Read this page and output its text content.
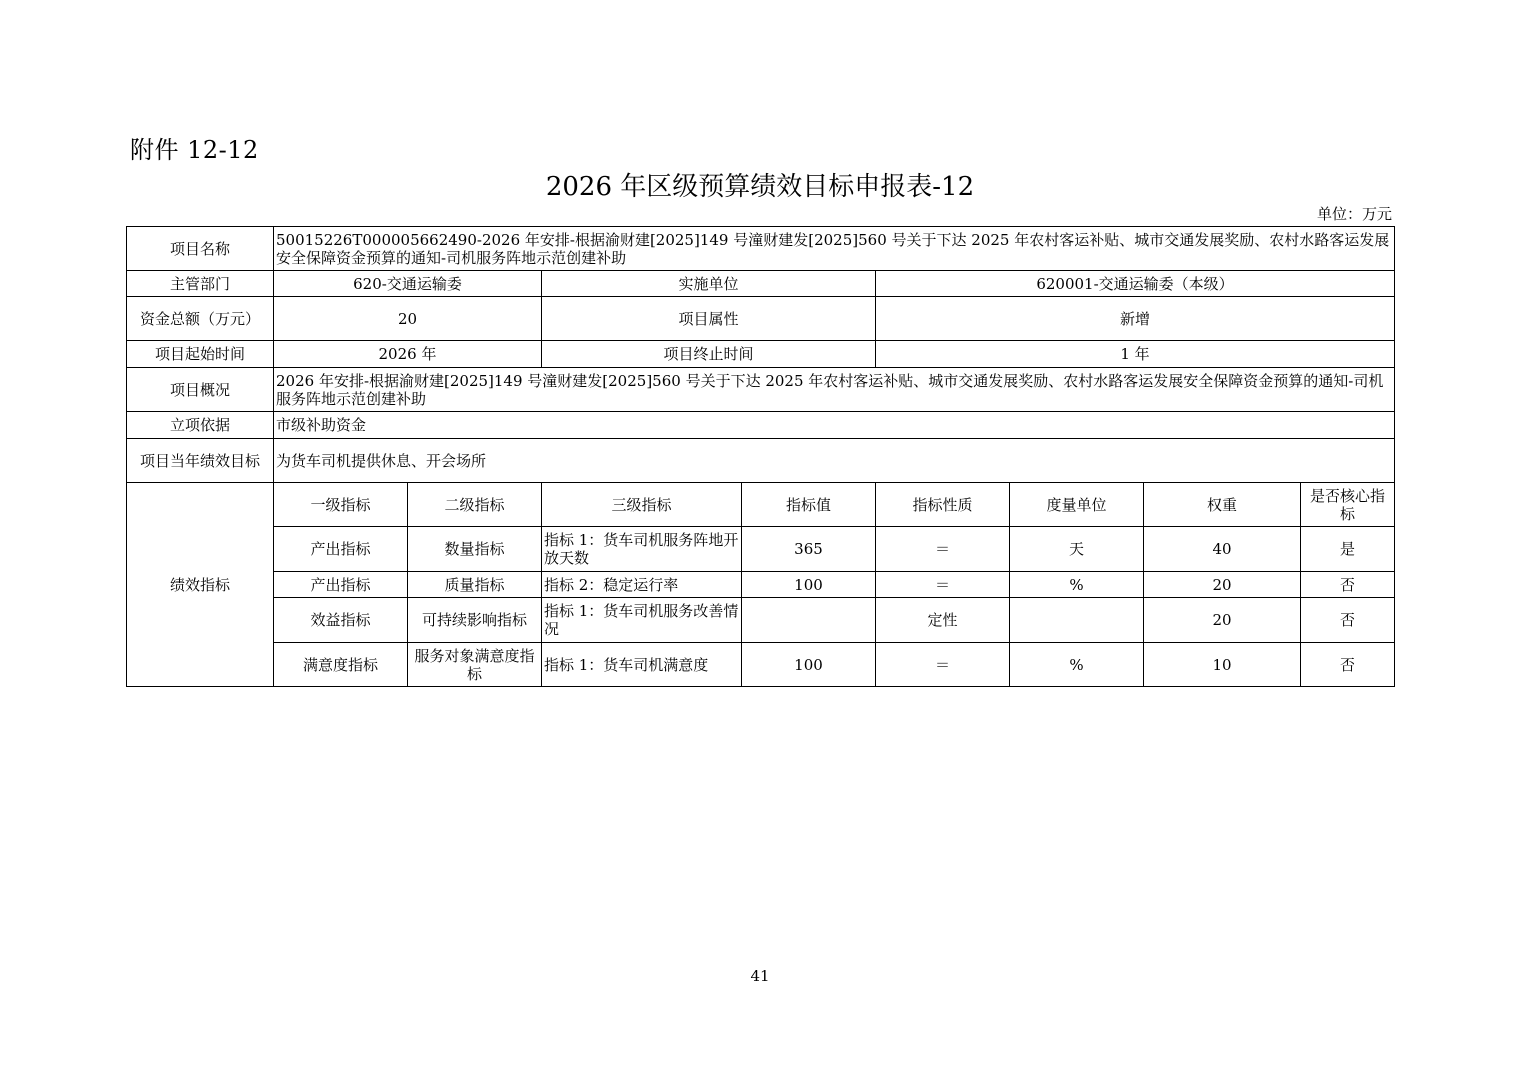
附件 12-12
2026 年区级预算绩效目标申报表-12
单位：万元
项目名称	50015226T000005662490-2026 年安排-根据渝财建[2025]149 号潼财建发[2025]560 号关于下达 2025 年农村客运补贴、城市交通发展奖励、农村水路客运发展安全保障资金预算的通知-司机服务阵地示范创建补助							
主管部门	620-交通运输委		实施单位		620001-交通运输委（本级）			
资金总额（万元）	20		项目属性		新增			
项目起始时间	2026 年		项目终止时间		1 年			
项目概况	2026 年安排-根据渝财建[2025]149 号潼财建发[2025]560 号关于下达 2025 年农村客运补贴、城市交通发展奖励、农村水路客运发展安全保障资金预算的通知-司机服务阵地示范创建补助							
立项依据	市级补助资金							
项目当年绩效目标	为货车司机提供休息、开会场所							
绩效指标	一级指标	二级指标	三级指标	指标值	指标性质	度量单位	权重	是否核心指标
	产出指标	数量指标	指标 1：货车司机服务阵地开放天数	365	＝	天	40	是
	产出指标	质量指标	指标 2：稳定运行率	100	＝	%	20	否
	效益指标	可持续影响指标	指标 1：货车司机服务改善情况		定性		20	否
	满意度指标	服务对象满意度指标	指标 1：货车司机满意度	100	＝	%	10	否
41
